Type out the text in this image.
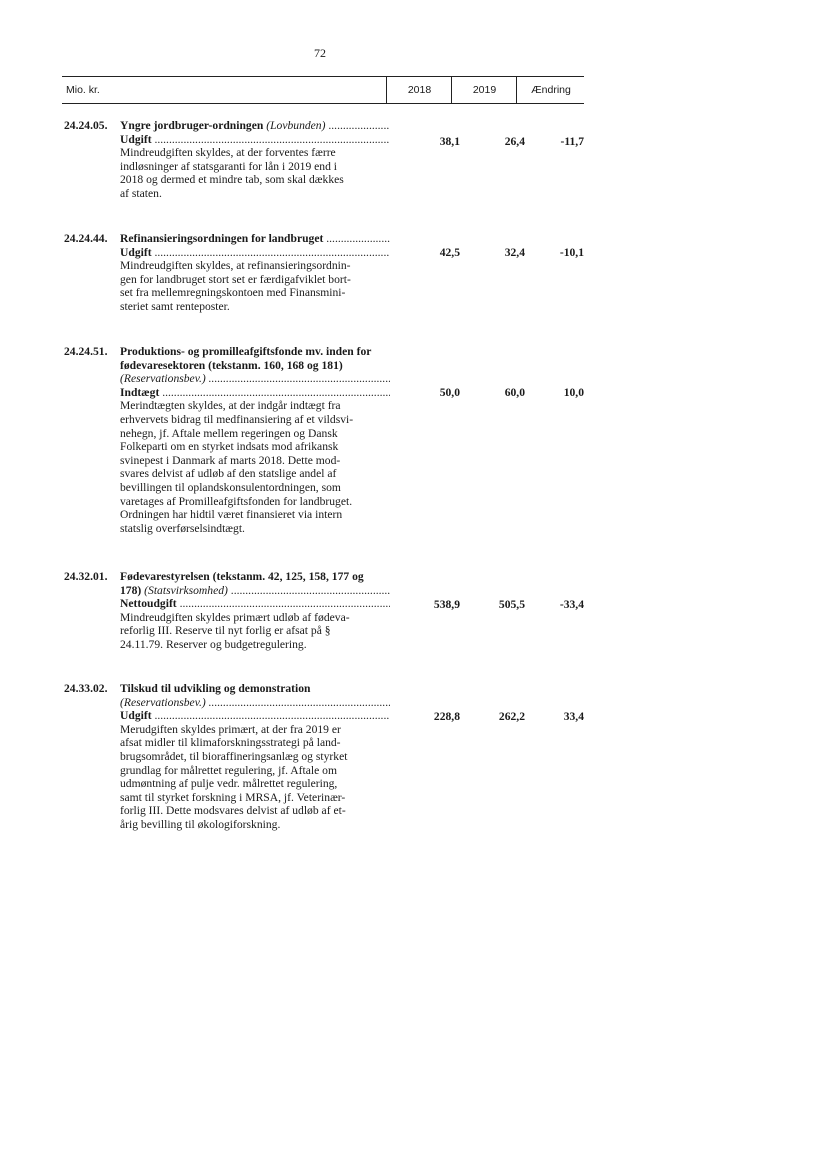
72
Mio. kr.	2018	2019	Ændring
24.24.05. Yngre jordbruger-ordningen (Lovbunden) .....
Udgift .....
Mindreudgiften skyldes, at der forventes færre
indløsninger af statsgaranti for lån i 2019 end i
2018 og dermed et mindre tab, som skal dækkes
af staten.
38,1	26,4	-11,7
24.24.44. Refinansieringsordningen for landbruget .....
Udgift .....
Mindreudgiften skyldes, at refinansieringsordnin-
gen for landbruget stort set er færdigafviklet bort-
set fra mellemregningskontoen med Finansmini-
steriet samt renteposter.
42,5	32,4	-10,1
24.24.51. Produktions- og promilleafgiftsfonde mv. inden for
fødevaresektoren (tekstanm. 160, 168 og 181)
(Reservationsbev.) .....
Indtægt .....
Merindtægten skyldes, at der indgår indtægt fra
erhvervets bidrag til medfinansiering af et vildsvi-
nehegn, jf. Aftale mellem regeringen og Dansk
Folkeparti om en styrket indsats mod afrikansk
svinepest i Danmark af marts 2018. Dette mod-
svares delvist af udløb af den statslige andel af
bevillingen til oplandskonsulentordningen, som
varetages af Promilleafgiftsfonden for landbruget.
Ordningen har hidtil været finansieret via intern
statslig overførselsindtægt.
50,0	60,0	10,0
24.32.01. Fødevarestyrelsen (tekstanm. 42, 125, 158, 177 og
178) (Statsvirksomhed) .....
Nettoudgift .....
Mindreudgiften skyldes primært udløb af fødeva-
reforlig III. Reserve til nyt forlig er afsat på §
24.11.79. Reserver og budgetregulering.
538,9	505,5	-33,4
24.33.02. Tilskud til udvikling og demonstration
(Reservationsbev.) .....
Udgift .....
Merudgiften skyldes primært, at der fra 2019 er
afsat midler til klimaforskningsstrategi på land-
brugsområdet, til bioraffineringsanlæg og styrket
grundlag for målrettet regulering, jf. Aftale om
udmøntning af pulje vedr. målrettet regulering,
samt til styrket forskning i MRSA, jf. Veterinær-
forlig III. Dette modsvares delvist af udløb af et-
årig bevilling til økologiforskning.
228,8	262,2	33,4
